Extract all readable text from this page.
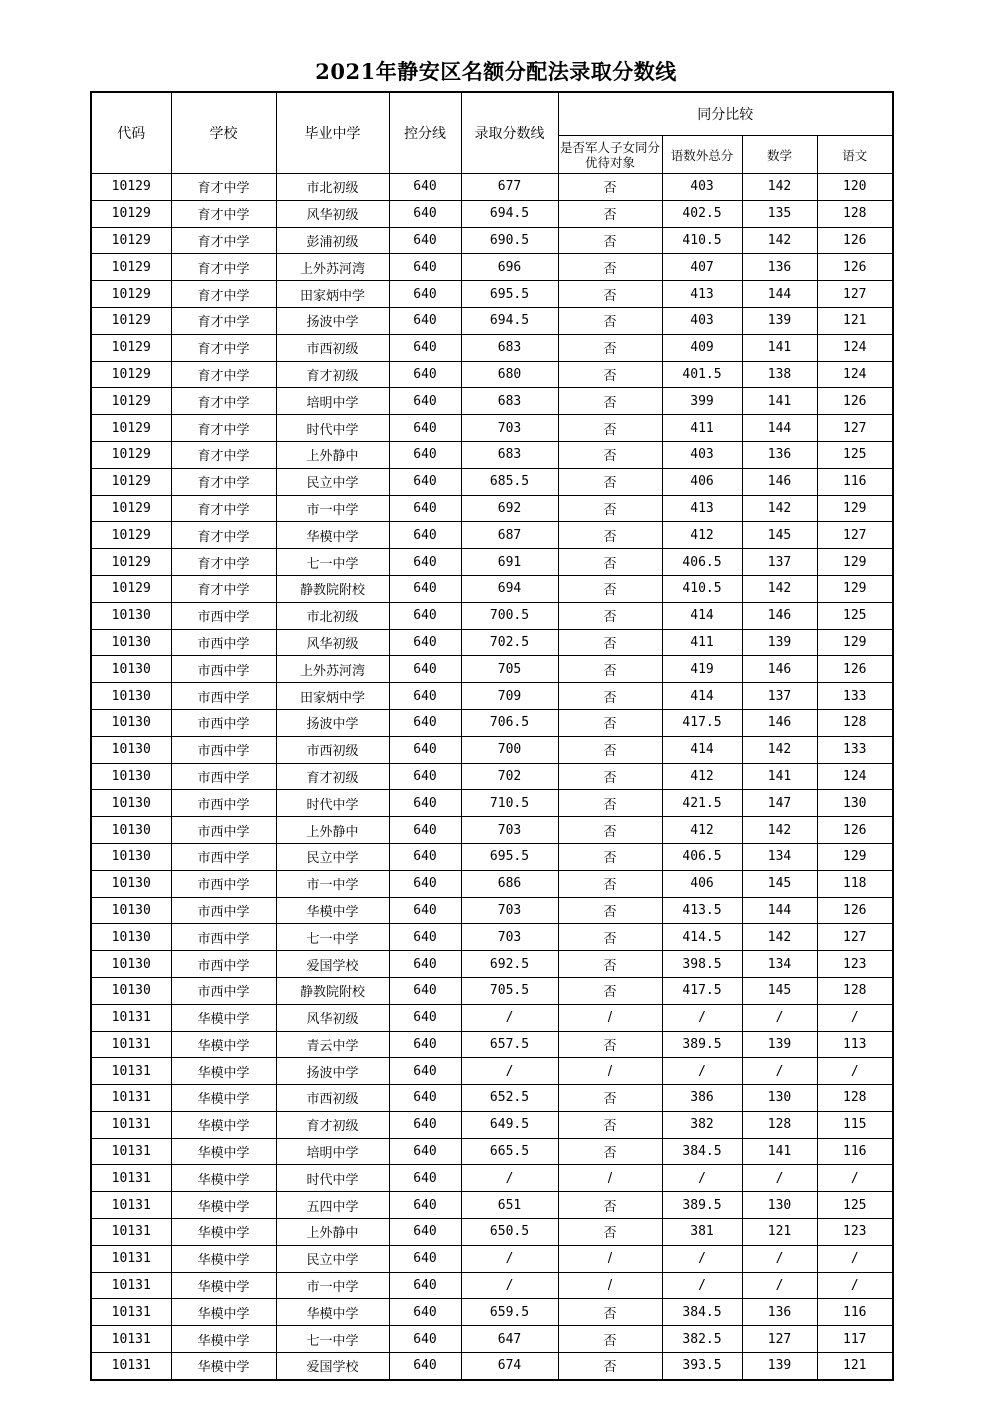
2021年静安区名额分配法录取分数线
代码	学校	毕业中学	控分线	录取分数线	同分比较			
					是否军人子女同分优待对象	语数外总分	数学	语文
10129	育才中学	市北初级	640	677	否	403	142	120
10129	育才中学	风华初级	640	694.5	否	402.5	135	128
10129	育才中学	彭浦初级	640	690.5	否	410.5	142	126
10129	育才中学	上外苏河湾	640	696	否	407	136	126
10129	育才中学	田家炳中学	640	695.5	否	413	144	127
10129	育才中学	扬波中学	640	694.5	否	403	139	121
10129	育才中学	市西初级	640	683	否	409	141	124
10129	育才中学	育才初级	640	680	否	401.5	138	124
10129	育才中学	培明中学	640	683	否	399	141	126
10129	育才中学	时代中学	640	703	否	411	144	127
10129	育才中学	上外静中	640	683	否	403	136	125
10129	育才中学	民立中学	640	685.5	否	406	146	116
10129	育才中学	市一中学	640	692	否	413	142	129
10129	育才中学	华模中学	640	687	否	412	145	127
10129	育才中学	七一中学	640	691	否	406.5	137	129
10129	育才中学	静教院附校	640	694	否	410.5	142	129
10130	市西中学	市北初级	640	700.5	否	414	146	125
10130	市西中学	风华初级	640	702.5	否	411	139	129
10130	市西中学	上外苏河湾	640	705	否	419	146	126
10130	市西中学	田家炳中学	640	709	否	414	137	133
10130	市西中学	扬波中学	640	706.5	否	417.5	146	128
10130	市西中学	市西初级	640	700	否	414	142	133
10130	市西中学	育才初级	640	702	否	412	141	124
10130	市西中学	时代中学	640	710.5	否	421.5	147	130
10130	市西中学	上外静中	640	703	否	412	142	126
10130	市西中学	民立中学	640	695.5	否	406.5	134	129
10130	市西中学	市一中学	640	686	否	406	145	118
10130	市西中学	华模中学	640	703	否	413.5	144	126
10130	市西中学	七一中学	640	703	否	414.5	142	127
10130	市西中学	爱国学校	640	692.5	否	398.5	134	123
10130	市西中学	静教院附校	640	705.5	否	417.5	145	128
10131	华模中学	风华初级	640	/	/	/	/	/
10131	华模中学	青云中学	640	657.5	否	389.5	139	113
10131	华模中学	扬波中学	640	/	/	/	/	/
10131	华模中学	市西初级	640	652.5	否	386	130	128
10131	华模中学	育才初级	640	649.5	否	382	128	115
10131	华模中学	培明中学	640	665.5	否	384.5	141	116
10131	华模中学	时代中学	640	/	/	/	/	/
10131	华模中学	五四中学	640	651	否	389.5	130	125
10131	华模中学	上外静中	640	650.5	否	381	121	123
10131	华模中学	民立中学	640	/	/	/	/	/
10131	华模中学	市一中学	640	/	/	/	/	/
10131	华模中学	华模中学	640	659.5	否	384.5	136	116
10131	华模中学	七一中学	640	647	否	382.5	127	117
10131	华模中学	爱国学校	640	674	否	393.5	139	121
